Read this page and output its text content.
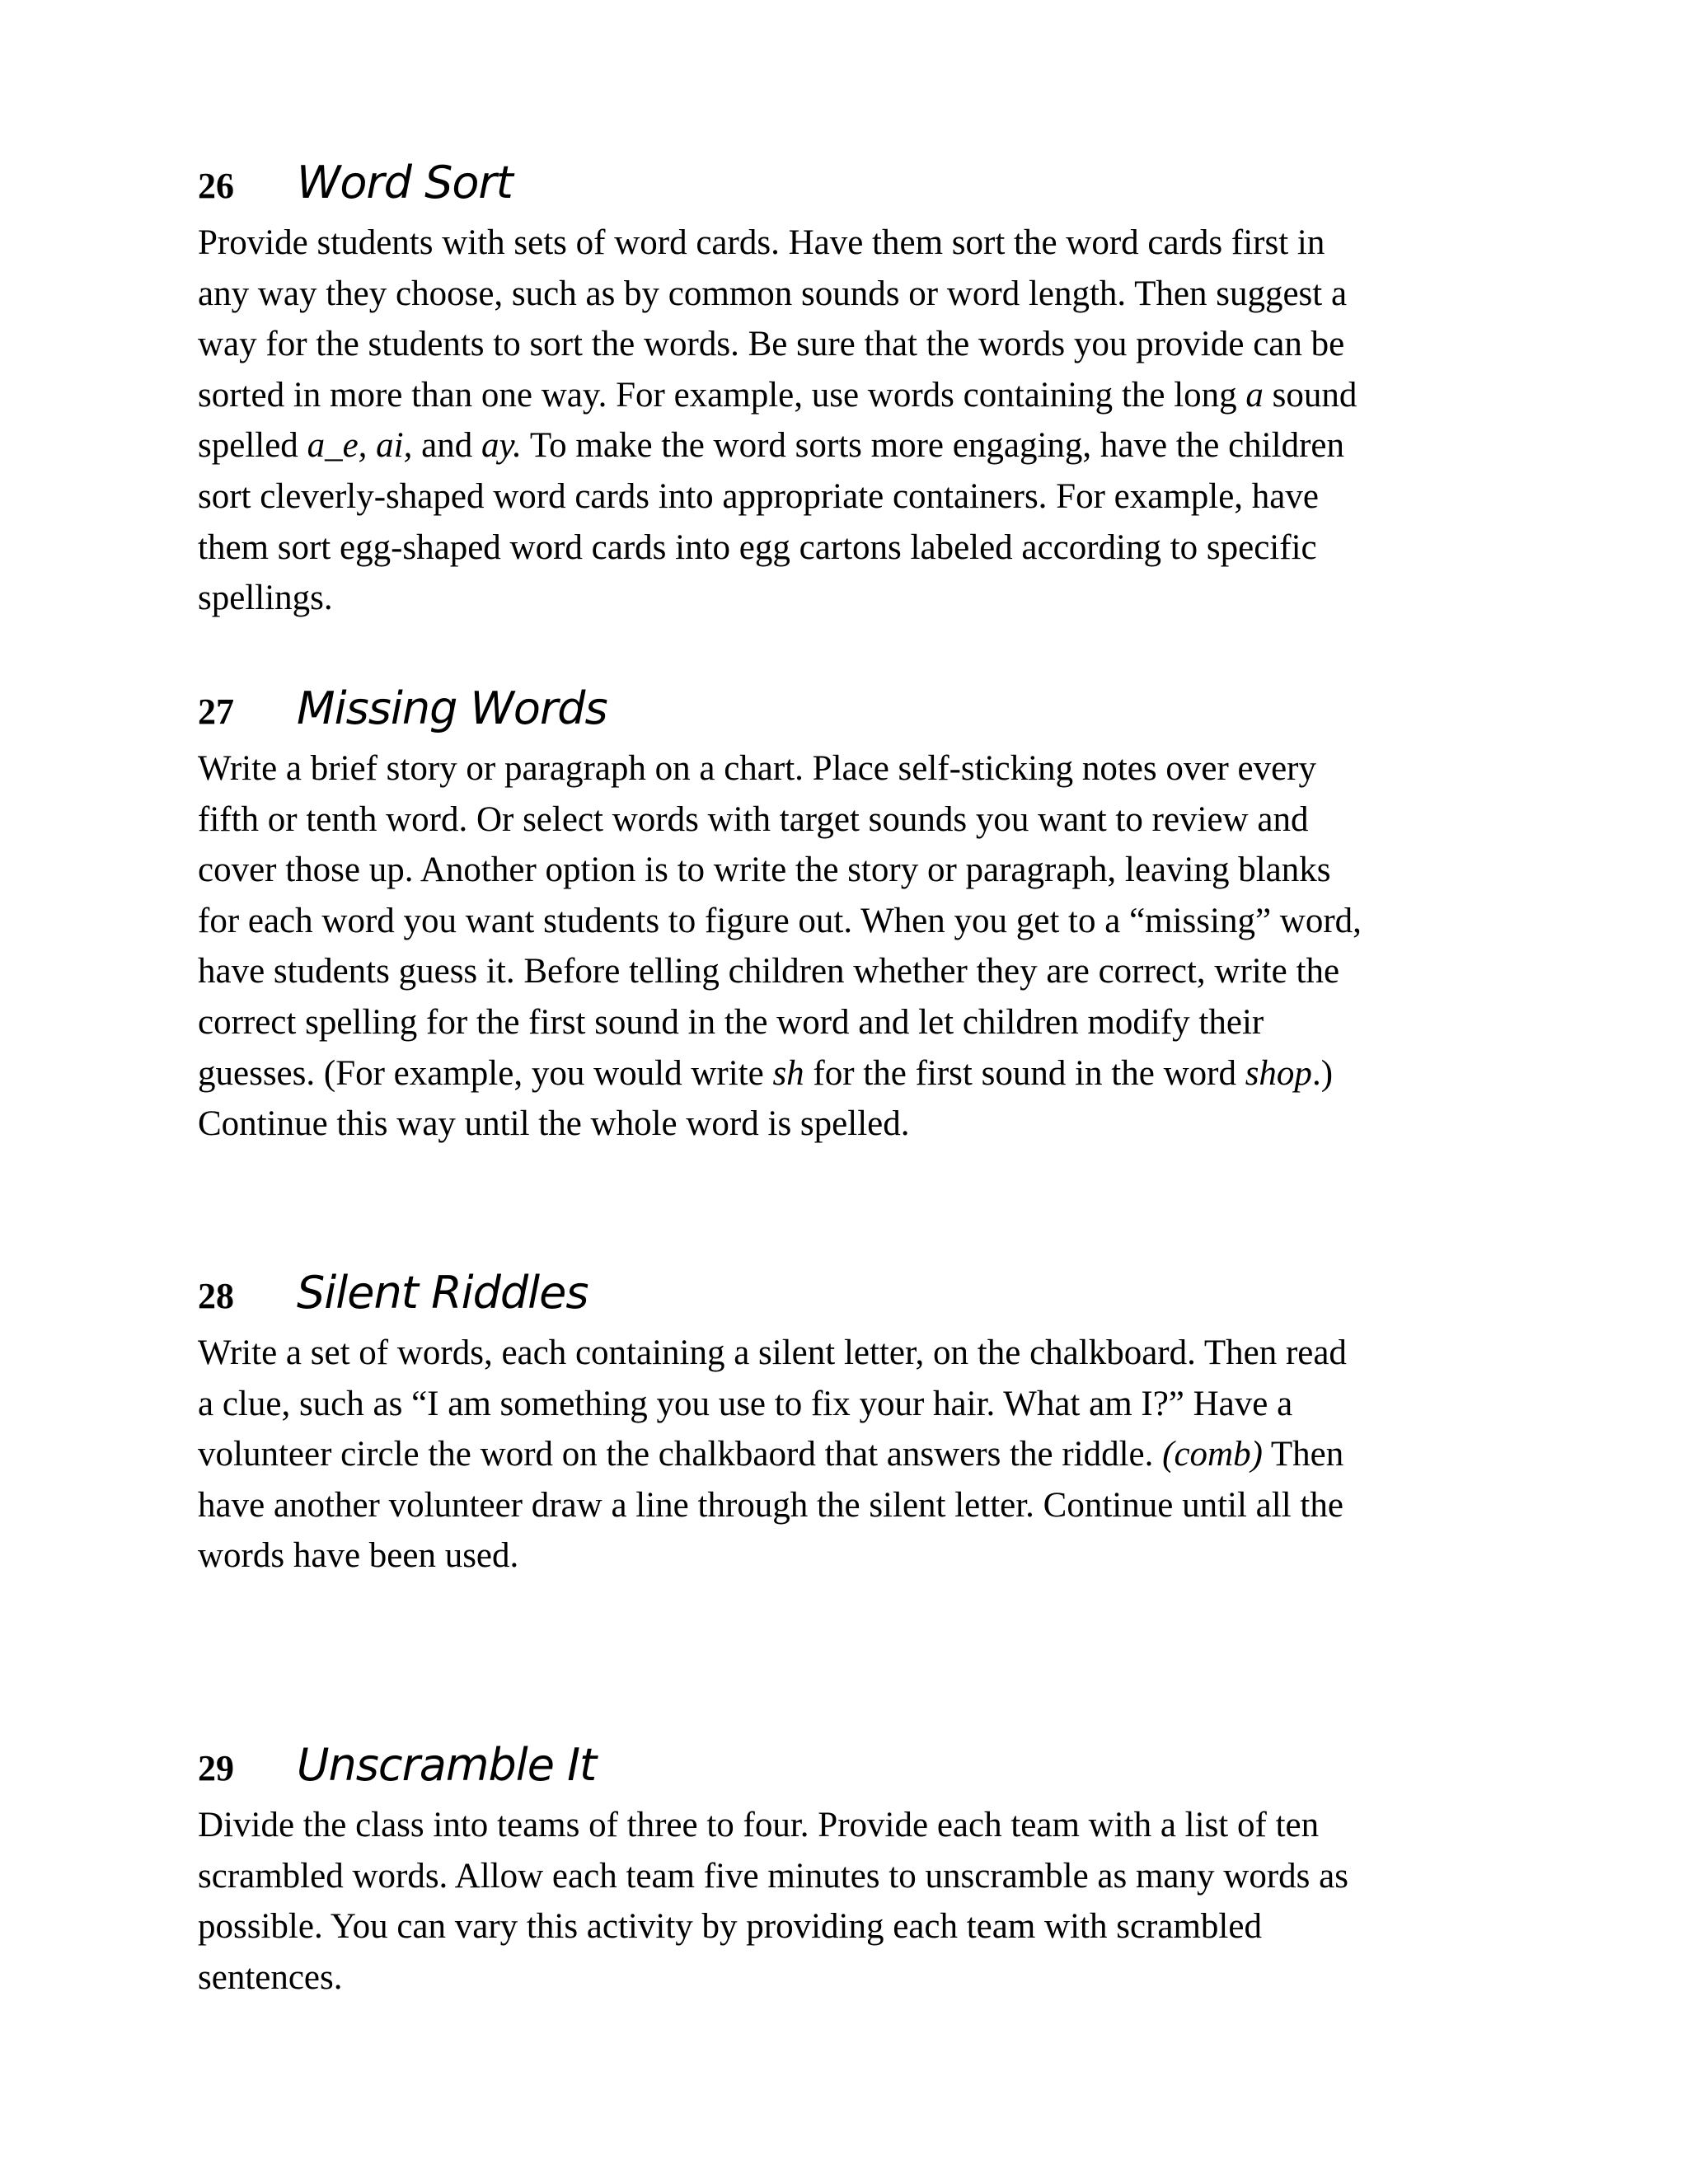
26	Word Sort

Provide students with sets of word cards. Have them sort the word cards first in
any way they choose, such as by common sounds or word length. Then suggest a
way for the students to sort the words. Be sure that the words you provide can be
sorted in more than one way. For example, use words containing the long a sound
spelled a_e, ai, and ay. To make the word sorts more engaging, have the children
sort cleverly-shaped word cards into appropriate containers. For example, have
them sort egg-shaped word cards into egg cartons labeled according to specific
spellings.

27	Missing Words

Write a brief story or paragraph on a chart. Place self-sticking notes over every
fifth or tenth word. Or select words with target sounds you want to review and
cover those up. Another option is to write the story or paragraph, leaving blanks
for each word you want students to figure out. When you get to a “missing” word,
have students guess it. Before telling children whether they are correct, write the
correct spelling for the first sound in the word and let children modify their
guesses. (For example, you would write sh for the first sound in the word shop.)
Continue this way until the whole word is spelled.

28	Silent Riddles

Write a set of words, each containing a silent letter, on the chalkboard. Then read
a clue, such as “I am something you use to fix your hair. What am I?” Have a
volunteer circle the word on the chalkbaord that answers the riddle. (comb) Then
have another volunteer draw a line through the silent letter. Continue until all the
words have been used.

29	Unscramble It

Divide the class into teams of three to four. Provide each team with a list of ten
scrambled words. Allow each team five minutes to unscramble as many words as
possible. You can vary this activity by providing each team with scrambled
sentences.
